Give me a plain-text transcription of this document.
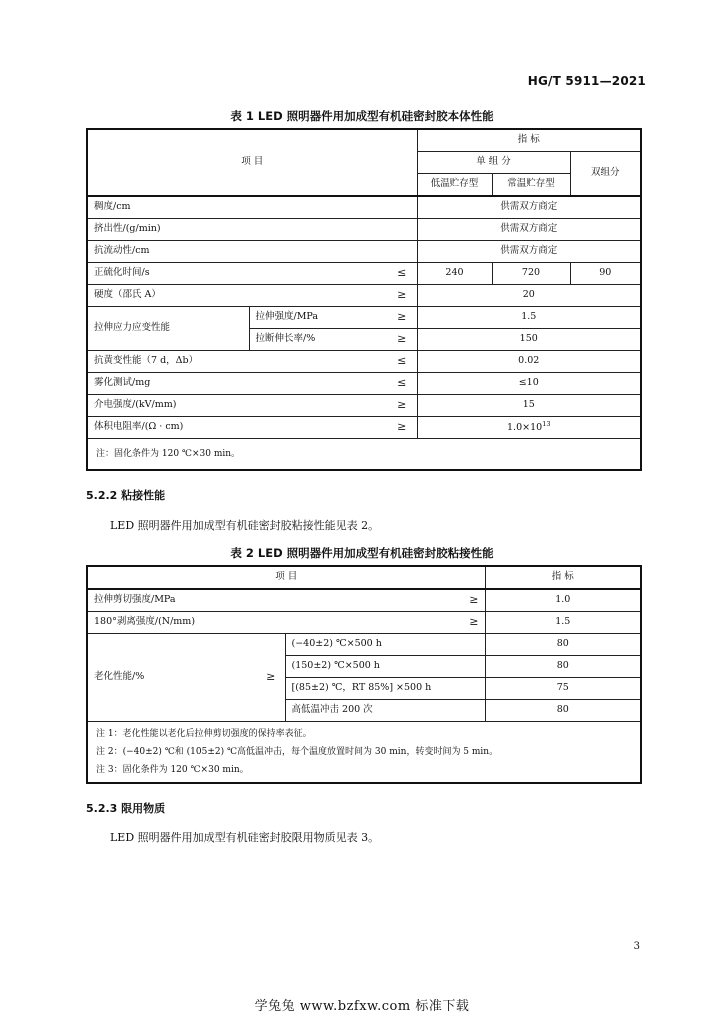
HG/T 5911—2021
表 1 LED 照明器件用加成型有机硅密封胶本体性能
项 目			指 标		
			单 组 分		双组分
			低温贮存型	常温贮存型	
稠度/cm			供需双方商定		
挤出性/(g/min)			供需双方商定		
抗流动性/cm			供需双方商定		
正硫化时间/s		≤	240	720	90
硬度（邵氏 A）		≥	20		
拉伸应力应变性能	拉伸强度/MPa	≥	1.5		
	拉断伸长率/%	≥	150		
抗黄变性能（7 d，Δb）		≤	0.02		
雾化测试/mg		≤	≤10		
介电强度/(kV/mm)		≥	15		
体积电阻率/(Ω · cm)		≥	$1.0\times 10^{13}$

注：固化条件为 120 ℃×30 min。					
5.2.2 粘接性能
LED 照明器件用加成型有机硅密封胶粘接性能见表 2。
表 2 LED 照明器件用加成型有机硅密封胶粘接性能
项 目			指 标
拉伸剪切强度/MPa		≥	1.0
180°剥离强度/(N/mm)		≥	1.5
老化性能/%	≥	(−40±2) ℃×500 h	80
		(150±2) ℃×500 h	80
		[(85±2) ℃，RT 85%] ×500 h	75
		高低温冲击 200 次	80

注 1：老化性能以老化后拉伸剪切强度的保持率表征。
注 2：(−40±2) ℃和 (105±2) ℃高低温冲击，每个温度放置时间为 30 min，转变时间为 5 min。
注 3：固化条件为 120 ℃×30 min。			
5.2.3 限用物质
LED 照明器件用加成型有机硅密封胶限用物质见表 3。
3
学兔兔 www.bzfxw.com 标准下载
